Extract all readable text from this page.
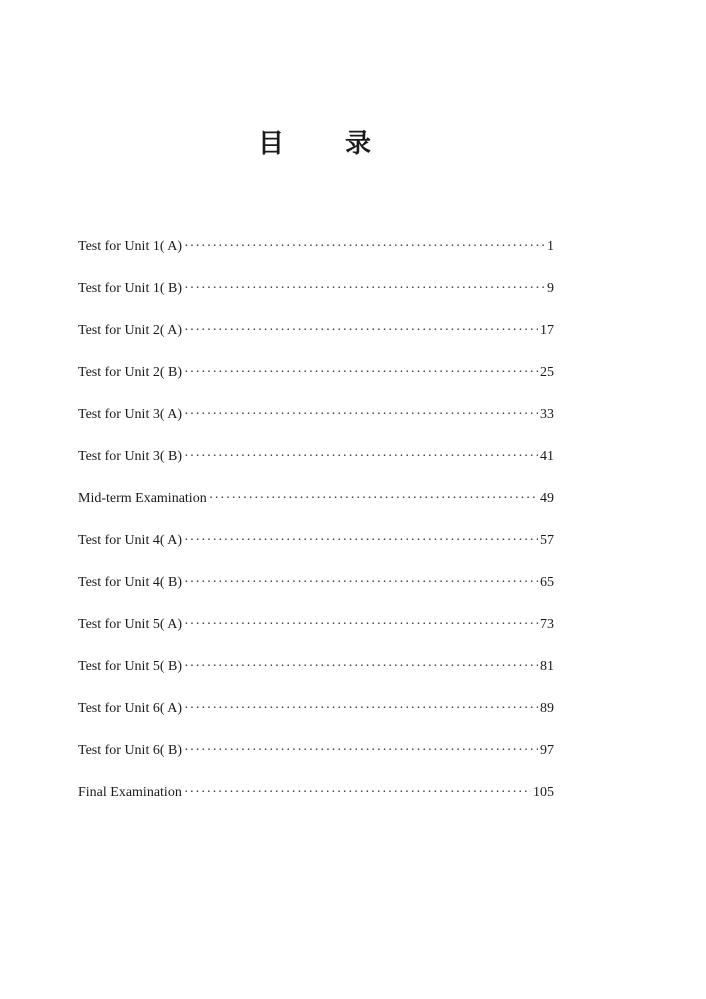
目 录
Test for Unit 1( A) ·····	1
Test for Unit 1( B) ·····	9
Test for Unit 2( A) ·····	17
Test for Unit 2( B) ·····	25
Test for Unit 3( A) ·····	33
Test for Unit 3( B) ·····	41
Mid-term Examination ·····	49
Test for Unit 4( A) ·····	57
Test for Unit 4( B) ·····	65
Test for Unit 5( A) ·····	73
Test for Unit 5( B) ·····	81
Test for Unit 6( A) ·····	89
Test for Unit 6( B) ·····	97
Final Examination ·····	105
